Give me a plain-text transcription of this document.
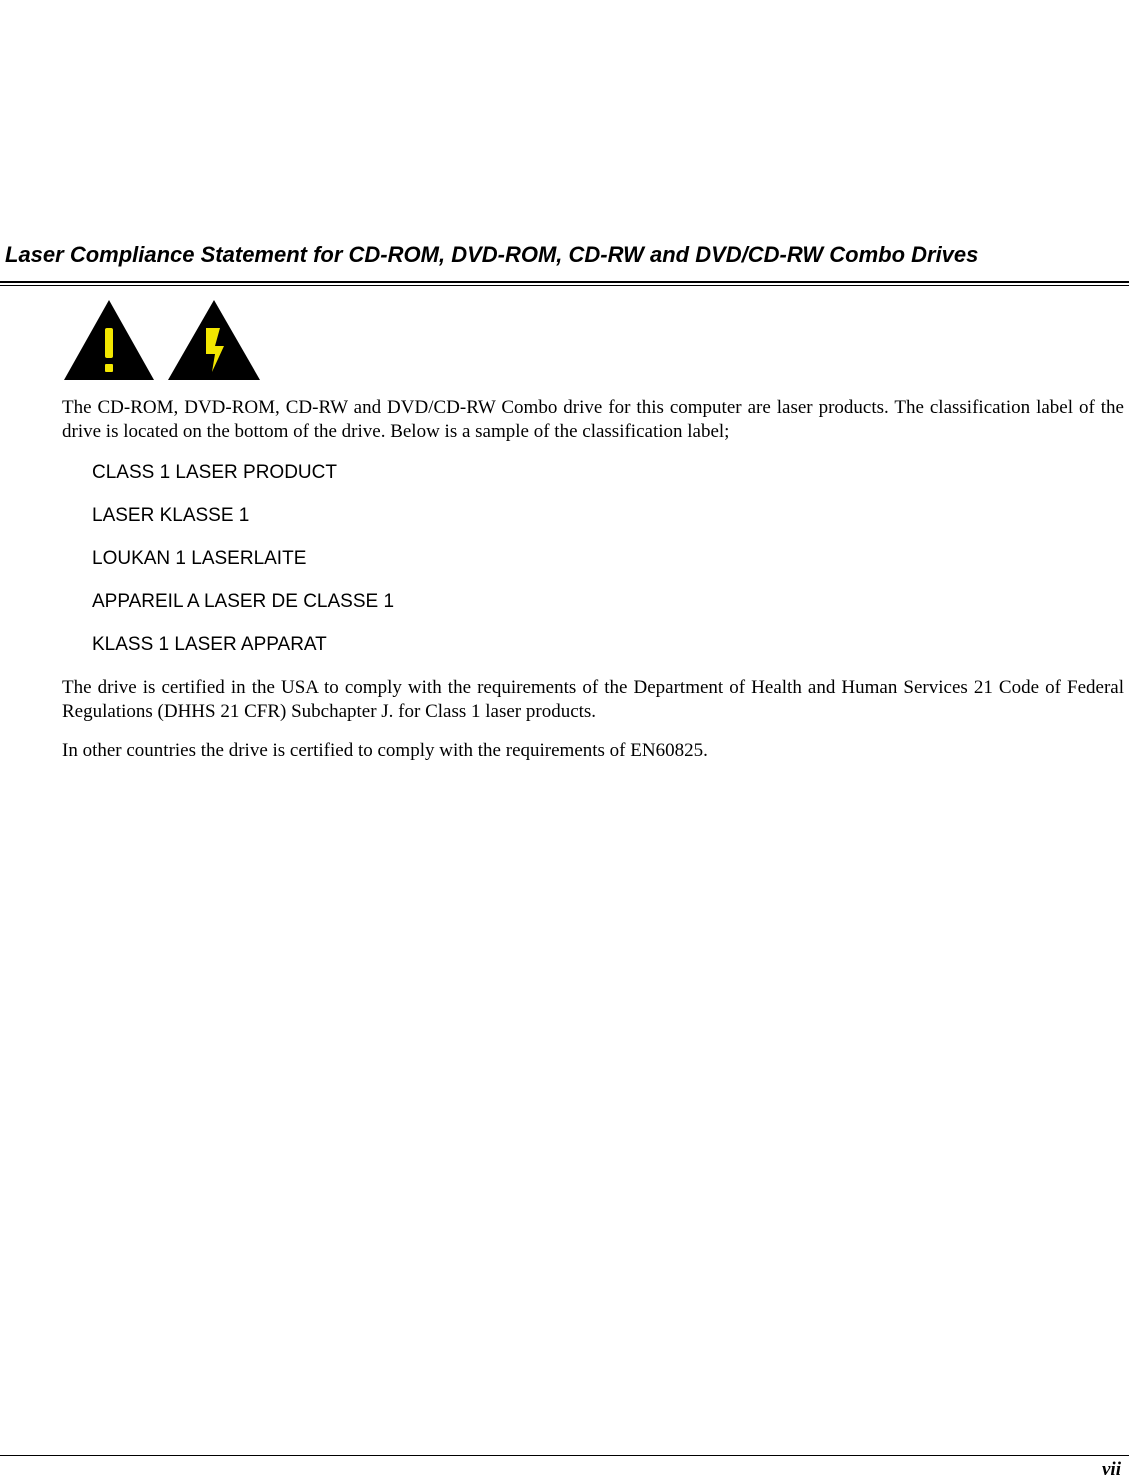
Laser Compliance Statement for CD-ROM, DVD-ROM, CD-RW and DVD/CD-RW Combo Drives

The CD-ROM, DVD-ROM, CD-RW and DVD/CD-RW Combo drive for this computer are laser products. The classification label of the drive is located on the bottom of the drive. Below is a sample of the classification label;

CLASS 1 LASER PRODUCT
LASER KLASSE 1
LOUKAN 1 LASERLAITE
APPAREIL A LASER DE CLASSE 1
KLASS 1 LASER APPARAT

The drive is certified in the USA to comply with the requirements of the Department of Health and Human Services 21 Code of Federal Regulations (DHHS 21 CFR) Subchapter J. for Class 1 laser products.

In other countries the drive is certified to comply with the requirements of EN60825.

vii
